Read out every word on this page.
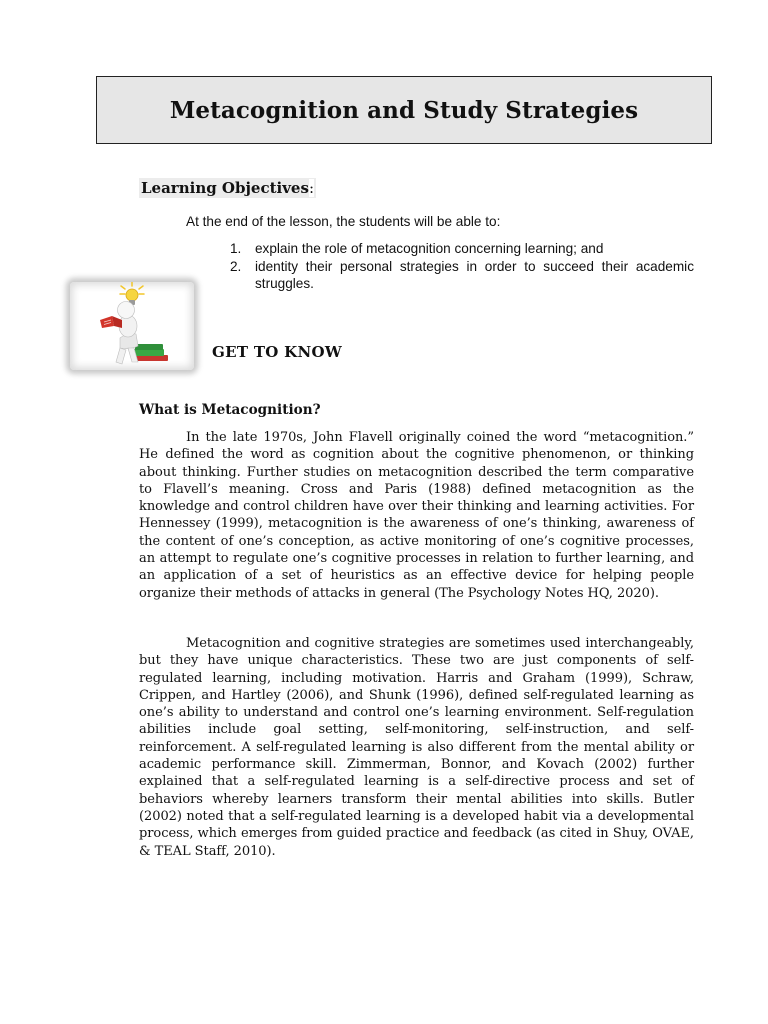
Metacognition and Study Strategies
Learning Objectives:
At the end of the lesson, the students will be able to:
1.	explain the role of metacognition concerning learning; and
2.	identity their personal strategies in order to succeed their academic struggles.
GET TO KNOW
What is Metacognition?

In the late 1970s, John Flavell originally coined the word “metacognition.” He defined the word as cognition about the cognitive phenomenon, or thinking about thinking. Further studies on metacognition described the term comparative to Flavell’s meaning. Cross and Paris (1988) defined metacognition as the knowledge and control children have over their thinking and learning activities. For Hennessey (1999), metacognition is the awareness of one’s thinking, awareness of the content of one’s conception, as active monitoring of one’s cognitive processes, an attempt to regulate one’s cognitive processes in relation to further learning, and an application of a set of heuristics as an effective device for helping people organize their methods of attacks in general (The Psychology Notes HQ, 2020).

Metacognition and cognitive strategies are sometimes used interchangeably, but they have unique characteristics. These two are just components of self-regulated learning, including motivation. Harris and Graham (1999), Schraw, Crippen, and Hartley (2006), and Shunk (1996), defined self-regulated learning as one’s ability to understand and control one’s learning environment. Self-regulation abilities include goal setting, self-monitoring, self-instruction, and self-reinforcement. A self-regulated learning is also different from the mental ability or academic performance skill. Zimmerman, Bonnor, and Kovach (2002) further explained that a self-regulated learning is a self-directive process and set of behaviors whereby learners transform their mental abilities into skills. Butler (2002) noted that a self-regulated learning is a developed habit via a developmental process, which emerges from guided practice and feedback (as cited in Shuy, OVAE, & TEAL Staff, 2010).
